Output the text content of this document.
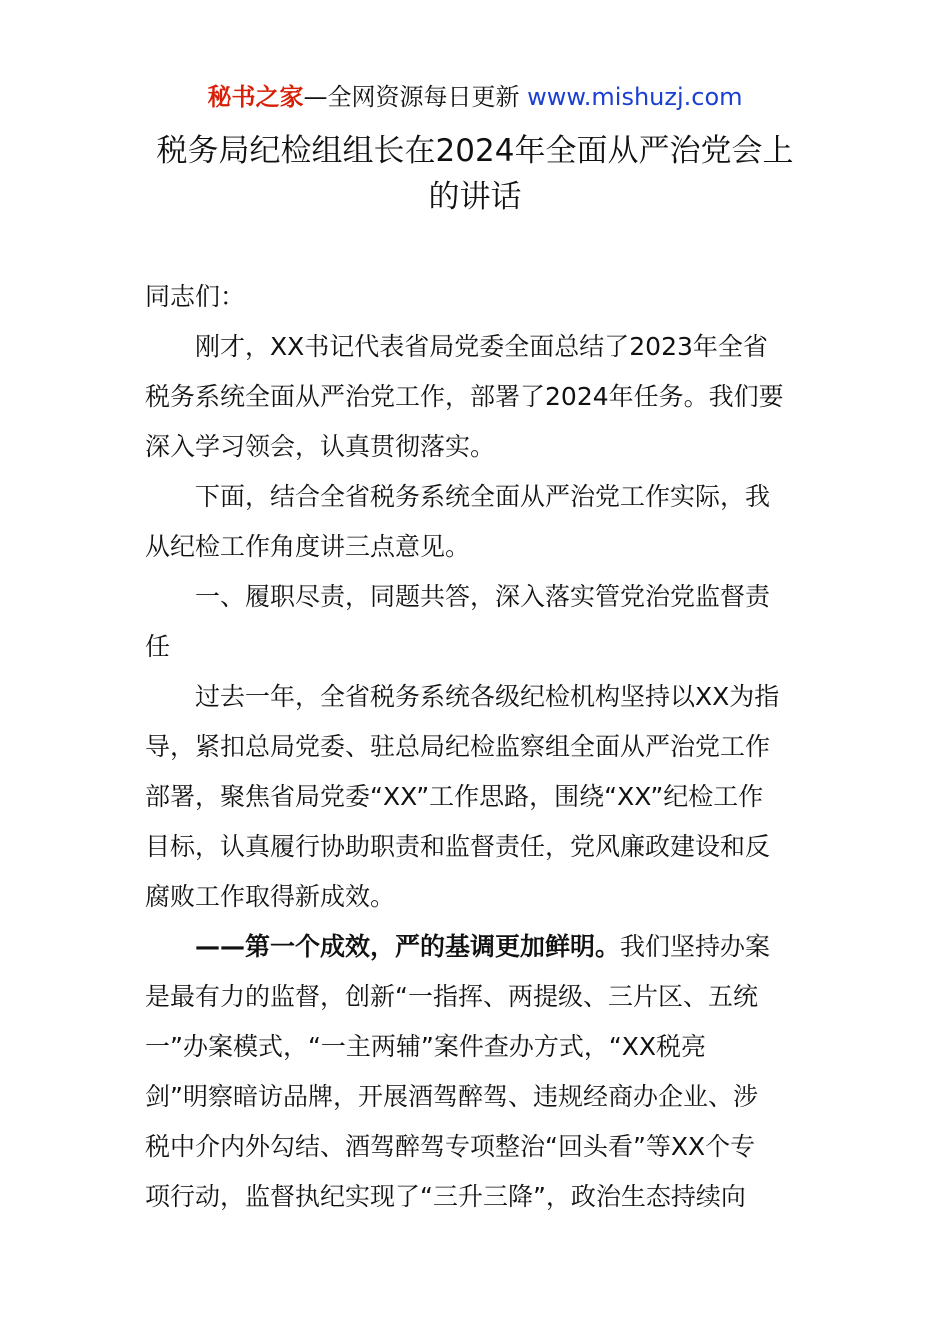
秘书之家—全网资源每日更新 www.mishuzj.com
税务局纪检组组长在2024年全面从严治党会上
的讲话
同志们：
刚才，XX书记代表省局党委全面总结了2023年全省
税务系统全面从严治党工作，部署了2024年任务。我们要
深入学习领会，认真贯彻落实。
下面，结合全省税务系统全面从严治党工作实际，我
从纪检工作角度讲三点意见。
一、履职尽责，同题共答，深入落实管党治党监督责
任
过去一年，全省税务系统各级纪检机构坚持以XX为指
导，紧扣总局党委、驻总局纪检监察组全面从严治党工作
部署，聚焦省局党委“XX”工作思路，围绕“XX”纪检工作
目标，认真履行协助职责和监督责任，党风廉政建设和反
腐败工作取得新成效。
——第一个成效，严的基调更加鲜明。我们坚持办案
是最有力的监督，创新“一指挥、两提级、三片区、五统
一”办案模式，“一主两辅”案件查办方式，“XX税亮
剑”明察暗访品牌，开展酒驾醉驾、违规经商办企业、涉
税中介内外勾结、酒驾醉驾专项整治“回头看”等XX个专
项行动，监督执纪实现了“三升三降”，政治生态持续向
